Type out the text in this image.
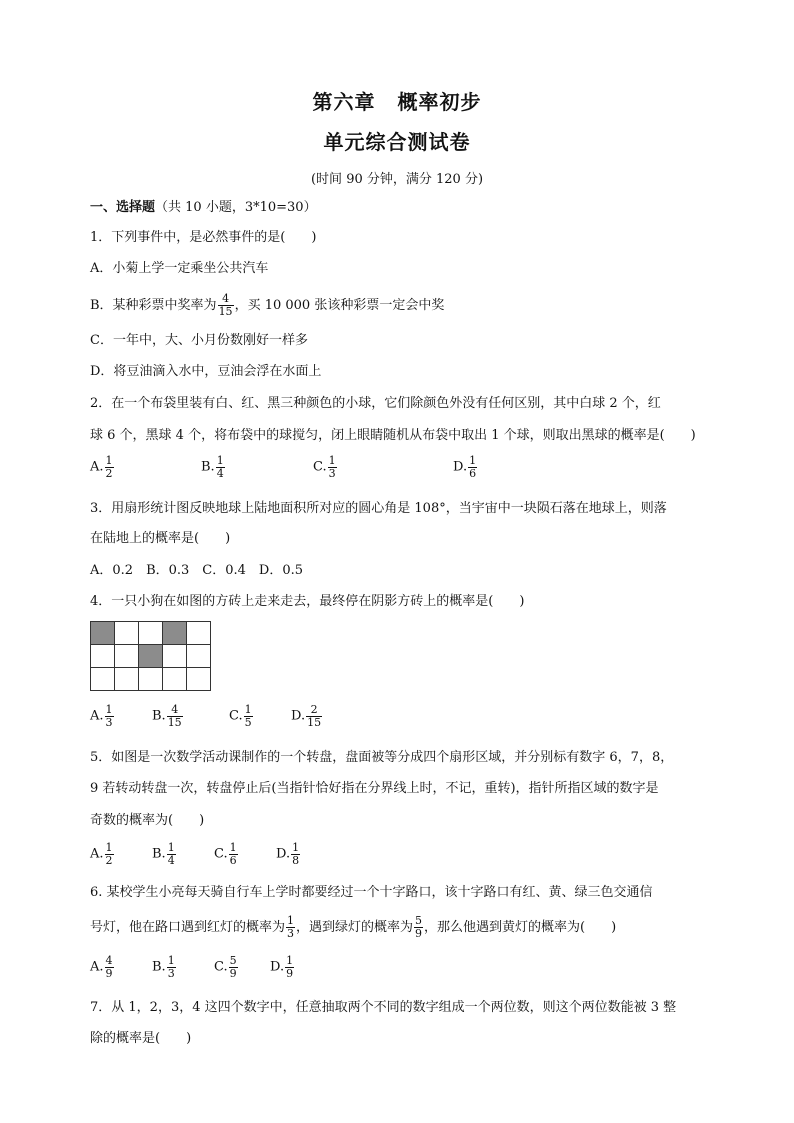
第六章 概率初步
单元综合测试卷
(时间 90 分钟，满分 120 分)
一、选择题（共 10 小题，3*10=30）
1．下列事件中，是必然事件的是(　　)
A．小菊上学一定乘坐公共汽车
B．某种彩票中奖率为 $\frac{4}{15}$ ，买 10 000 张该种彩票一定会中奖
C．一年中，大、小月份数刚好一样多
D．将豆油滴入水中，豆油会浮在水面上
2．在一个布袋里装有白、红、黑三种颜色的小球，它们除颜色外没有任何区别，其中白球 2 个，红
球 6 个，黑球 4 个，将布袋中的球搅匀，闭上眼睛随机从布袋中取出 1 个球，则取出黑球的概率是(　　)
A. $\frac{1}{2}$	B. $\frac{1}{4}$	C. $\frac{1}{3}$	D. $\frac{1}{6}$
3．用扇形统计图反映地球上陆地面积所对应的圆心角是 108°，当宇宙中一块陨石落在地球上，则落
在陆地上的概率是(　　)
A．0.2　B．0.3　C．0.4　D．0.5
4．一只小狗在如图的方砖上走来走去，最终停在阴影方砖上的概率是(　　)
A. $\frac{1}{3}$	B. $\frac{4}{15}$	C. $\frac{1}{5}$	D. $\frac{2}{15}$
5．如图是一次数学活动课制作的一个转盘，盘面被等分成四个扇形区域，并分别标有数字 6，7，8，
9 若转动转盘一次，转盘停止后(当指针恰好指在分界线上时，不记，重转)，指针所指区域的数字是
奇数的概率为(　　)
A. $\frac{1}{2}$	B. $\frac{1}{4}$	C. $\frac{1}{6}$	D. $\frac{1}{8}$
6. 某校学生小亮每天骑自行车上学时都要经过一个十字路口，该十字路口有红、黄、绿三色交通信
号灯，他在路口遇到红灯的概率为 $\frac{1}{3}$ ，遇到绿灯的概率为 $\frac{5}{9}$ ，那么他遇到黄灯的概率为(　　)
A. $\frac{4}{9}$	B. $\frac{1}{3}$	C. $\frac{5}{9} D$. $\frac{1}{9}$
7．从 1，2，3，4 这四个数字中，任意抽取两个不同的数字组成一个两位数，则这个两位数能被 3 整
除的概率是(　　)
